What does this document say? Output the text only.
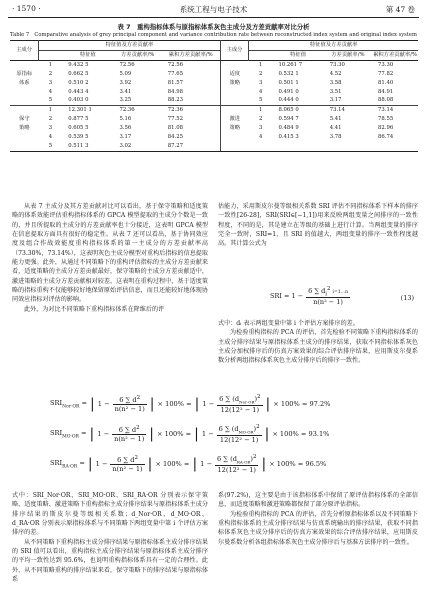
· 1570 ·	系统工程与电子技术	第 47 卷
表 7　重构指标体系与原指标体系灰色主成分及方差贡献率对比分析
Table 7　Comparative analysis of grey principal component and variance contribution rate between reconstructed index system and original index system
主成分	特征值及方差贡献率				主成分	特征值及方差贡献率			
		特征值	方差贡献率/%	累积方差贡献率/%			特征值	方差贡献率/%	累积方差贡献率/%
	1	9.432 5	72.56	72.56		1	10.261 7	73.30	73.30
原指标	2	0.662 5	5.09	77.65	适度	2	0.532 1	4.52	77.82
体系	3	0.510 2	3.92	81.57	策略	3	0.501 1	3.58	81.40
	4	0.443 4	3.41	84.98		4	0.491 0	3.51	84.91
	5	0.403 0	3.25	88.23		5	0.444 0	3.17	88.08
	1	12.301 1	72.36	72.36		1	8.065 0	73.14	73.14
保守	2	0.877 5	5.16	77.52	激进	2	0.594 7	5.41	78.55
策略	3	0.605 5	3.56	81.08	策略	3	0.484 9	4.41	82.96
	4	0.539 5	3.17	84.25		4	0.415 3	3.78	86.74
	5	0.511 3	3.02	87.27					

从表 7 主成分及其方差贡献对比可以看出，基于保守策略和适度策略的体系效能评估重构指标体系的 GPCA 模型提取的主成分个数是一致的，并且所提取的主成分的方差贡献率也十分接近，这表明 GPCA 模型在信息提取方面具有很好的稳定性。从表 7 还可以看出，基于协同效应度及组合作战效能度重构指标体系的第一主成分的方差贡献率高（73.30%，73.14%），这表明灰色主成分模型对重构后指标的信息提取能力更强。此外，从通过不同策略下的重构评估指标的主成分方差贡献来看，适度策略的主成分方差贡献最好，保守策略的主成分方差贡献适中，激进策略的主成分方差贡献相对较差。这表明在重构过程中，基于适度策略的指标重构不仅能够较好地保留原始评估信息，而且还能较好地体现协同效应指标对评估的影响。

此外，为对比不同策略下重构指标体系在降维后的评

估能力，采用斯皮尔曼等级相关系数 SRI 评估不同指标体系下样本的排序一致性[26-28]，SRI(SRI∈[−1,1])用来反映两组变量之间排序的一致性程度，不同的是，其是建立在等级的基础上进行计算。当两组变量的排序完全一致时，SRI=1，且 SRI 的值越大，两组变量的排序一致性程度越高。其计算公式为

SRI = $1 - \frac{6 \sum d_i^2 i=1\dots n}{\text{n(n² − 1)}}$	(13)

式中：dᵢ 表示两组变量中第 i 个评估方案排序的差。

为检验重构指标的 PCA 的评估，首先检验不同策略下重构指标体系的主成分排序结果与原指标体系主成分的排序结果，获取不同指标体系灰色主成分加权排序后的仿真方案效果的综合评估排序结果，应用斯皮尔曼系数分析两组指标体系灰色主成分排序后的排序一致性。

$SRI_{Nor\cdot OR}$ = | $1 - \frac{6 \sum d^2}{\text{n(n² − 1)}}$ | × 100% = | $1 - \frac{6 \sum (d_{Nor\cdot OR})^2}{\text{12(12² − 1)}}$ | × 100% = 97.2%
$SRI_{MO\cdot OR}$ = | $1 - \frac{6 \sum d^2}{\text{n(n² − 1)}}$ | × 100% = | $1 - \frac{6 \sum (d_{MO\cdot OR})^2}{\text{12(12² − 1)}}$ | × 100% = 93.1%
$SRI_{RA\cdot OR}$ = | $1 - \frac{6 \sum d^2}{\text{n(n² − 1)}}$ | × 100% = | $1 - \frac{6 \sum (d_{RA\cdot OR})^2}{\text{12(12² − 1)}}$ | × 100% = 96.5%

式中：SRI_Nor·OR、SRI_MO·OR、SRI_RA·OR 分别表示保守策略、适度策略、激进策略下重构指标主成分排序结果与原指标体系主成分排序结果的斯皮尔曼等级相关系数；d_Nor·OR、d_MO·OR、d_RA·OR 分别表示原指标体系与不同策略下两组变量中第 i 个评估方案排序的差。

从不同策略下重构指标主成分排序结果与原指标体系主成分排序结果的 SRI 值可以看出，重构指标主成分排序结果与原指标体系主成分排序的平均一致性达到 95.6%，也说明重构指标体系具有一定的合理性。此外，从不同策略重构的排序结果来看，保守策略下的排序结果与原指标体系

系(97.2%)，这主要是由于该指标体系中保留了原评估指标体系的全部信息，而适度策略和激进策略都保留了部分原评估指标。

为检验重构指标的 PCA 的评估，首先分析原指标体系以及不同策略下重构指标体系的主成分排序结果与仿真系统输出的排序结果，获取不同指标体系灰色主成分排序后的仿真方案效果的综合评估排序结果，应用斯皮尔曼系数分析各组指标体系灰色主成分排序后与基准方法排序的一致性。
